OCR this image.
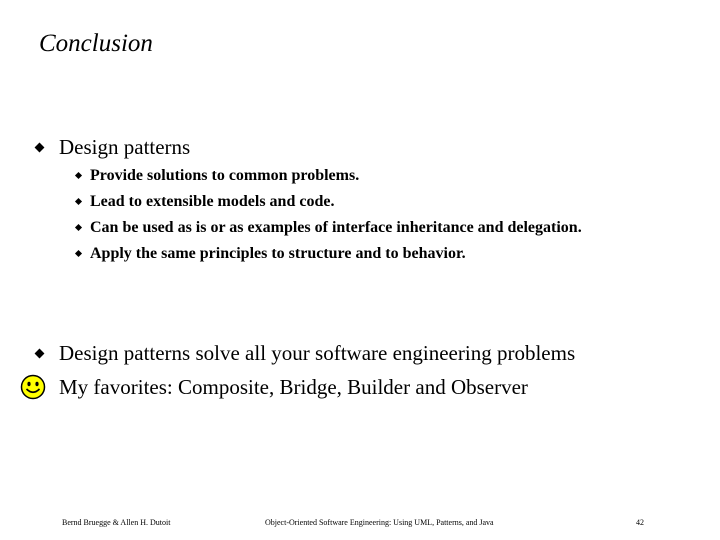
Conclusion
Design patterns
Provide solutions to common problems.
Lead to extensible models and code.
Can be used as is or as examples of interface inheritance and delegation.
Apply the same principles to structure and to behavior.
Design patterns solve all your software engineering problems
My favorites: Composite, Bridge, Builder and Observer
Bernd Bruegge & Allen H. Dutoit	Object-Oriented Software Engineering: Using UML, Patterns, and Java	42
